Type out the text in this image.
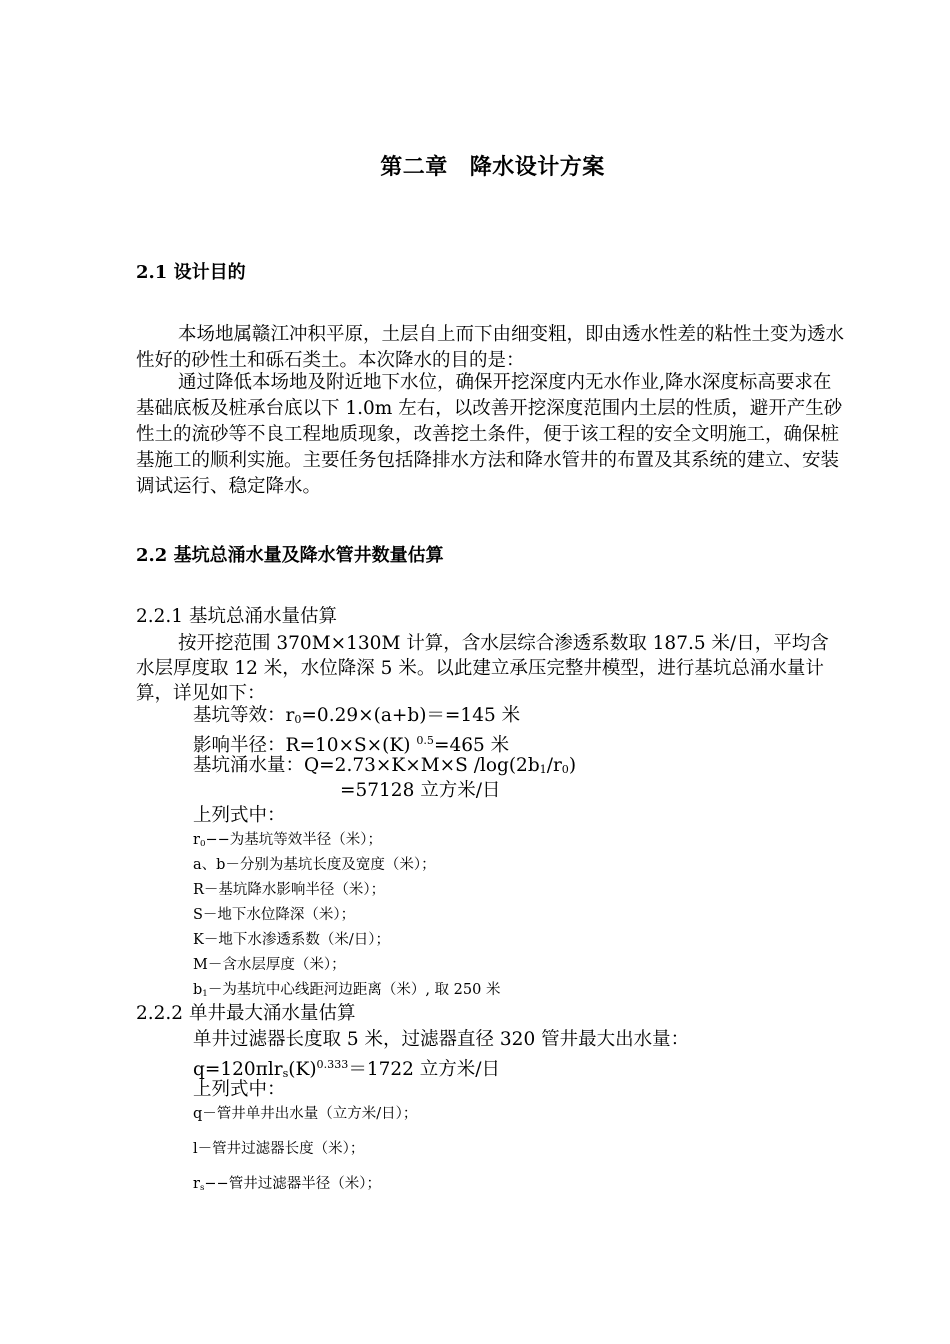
第二章 降水设计方案
2.1 设计目的
本场地属赣江冲积平原，土层自上而下由细变粗，即由透水性差的粘性土变为透水性好的砂性土和砾石类土。本次降水的目的是：
通过降低本场地及附近地下水位，确保开挖深度内无水作业,降水深度标高要求在基础底板及桩承台底以下 1.0m 左右，以改善开挖深度范围内土层的性质，避开产生砂性土的流砂等不良工程地质现象，改善挖土条件，便于该工程的安全文明施工，确保桩基施工的顺利实施。主要任务包括降排水方法和降水管井的布置及其系统的建立、安装调试运行、稳定降水。
2.2 基坑总涌水量及降水管井数量估算
2.2.1 基坑总涌水量估算
按开挖范围 370M×130M 计算，含水层综合渗透系数取 187.5 米/日，平均含水层厚度取 12 米，水位降深 5 米。以此建立承压完整井模型，进行基坑总涌水量计算，详见如下：
基坑等效：$r_0=0.29\times(a+b)==145$ 米
影响半径：R=10×S×(K) $^{0.5}$=465 米
基坑涌水量：Q=2.73×K×M×S $/\log(2b_1/r_0)$
=57128 立方米/日
上列式中：
$r_0--$为基坑等效半径（米）；
a、b－分别为基坑长度及宽度（米）；
R－基坑降水影响半径（米）；
S－地下水位降深（米）；
K－地下水渗透系数（米/日）；
M－含水层厚度（米）；
$b_1-$为基坑中心线距河边距离（米）, 取 250 米
2.2.2 单井最大涌水量估算
单井过滤器长度取 5 米，过滤器直径 320 管井最大出水量：
$q=120\pi lr_s(K)^{0.333}=1722$ 立方米/日
上列式中：
q－管井单井出水量（立方米/日）；
l－管井过滤器长度（米）；
$r_s--$管井过滤器半径（米）；
